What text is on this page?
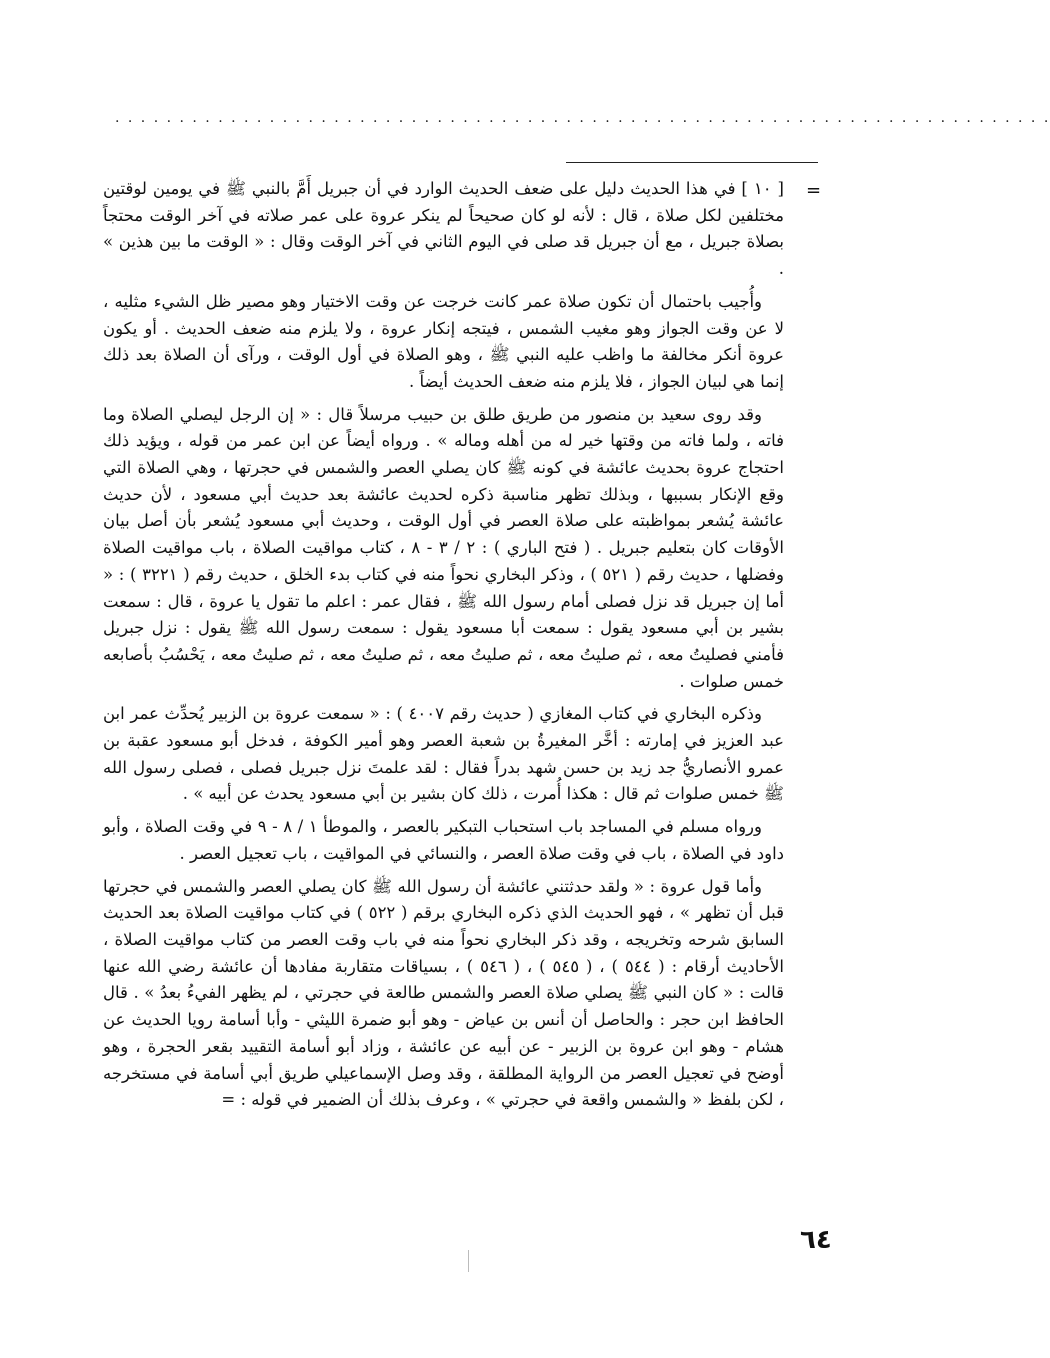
. . . . . . . . . . . . . . . . . . . . . . . . . . . . . . . . . . . . . . . . . . . . . . . . . . . . . . . . . . . . . . . . . . . . . . . . .
=

[ ١٠ ] في هذا الحديث دليل على ضعف الحديث الوارد في أن جبريل أَمَّ بالنبي ﷺ في يومين لوقتين مختلفين لكل صلاة ، قال : لأنه لو كان صحيحاً لم ينكر عروة على عمر صلاته في آخر الوقت محتجاً بصلاة جبريل ، مع أن جبريل قد صلى في اليوم الثاني في آخر الوقت وقال : « الوقت ما بين هذين » .

وأُجيب باحتمال أن تكون صلاة عمر كانت خرجت عن وقت الاختيار وهو مصير ظل الشيء مثليه ، لا عن وقت الجواز وهو مغيب الشمس ، فيتجه إنكار عروة ، ولا يلزم منه ضعف الحديث . أو يكون عروة أنكر مخالفة ما واظب عليه النبي ﷺ ، وهو الصلاة في أول الوقت ، ورآى أن الصلاة بعد ذلك إنما هي لبيان الجواز ، فلا يلزم منه ضعف الحديث أيضاً .

وقد روى سعيد بن منصور من طريق طلق بن حبيب مرسلاً قال : « إن الرجل ليصلي الصلاة وما فاته ، ولما فاته من وقتها خير له من أهله وماله » . ورواه أيضاً عن ابن عمر من قوله ، ويؤيد ذلك احتجاج عروة بحديث عائشة في كونه ﷺ كان يصلي العصر والشمس في حجرتها ، وهي الصلاة التي وقع الإنكار بسببها ، وبذلك تظهر مناسبة ذكره لحديث عائشة بعد حديث أبي مسعود ، لأن حديث عائشة يُشعر بمواظبته على صلاة العصر في أول الوقت ، وحديث أبي مسعود يُشعر بأن أصل بيان الأوقات كان بتعليم جبريل . ( فتح الباري ) : ٢ / ٣ - ٨ ، كتاب مواقيت الصلاة ، باب مواقيت الصلاة وفضلها ، حديث رقم ( ٥٢١ ) ، وذكر البخاري نحواً منه في كتاب بدء الخلق ، حديث رقم ( ٣٢٢١ ) : « أما إن جبريل قد نزل فصلى أمام رسول الله ﷺ ، فقال عمر : اعلم ما تقول يا عروة ، قال : سمعت بشير بن أبي مسعود يقول : سمعت أبا مسعود يقول : سمعت رسول الله ﷺ يقول : نزل جبريل فأمني فصليتُ معه ، ثم صليتُ معه ، ثم صليتُ معه ، ثم صليتُ معه ، ثم صليتُ معه ، يَحْسُبُ بأصابعه خمس صلوات .

وذكره البخاري في كتاب المغازي ( حديث رقم ٤٠٠٧ ) : « سمعت عروة بن الزبير يُحدِّث عمر ابن عبد العزيز في إمارته : أخَّر المغيرةُ بن شعبة العصر وهو أمير الكوفة ، فدخل أبو مسعود عقبة بن عمرو الأنصاريُّ جد زيد بن حسن شهد بدراً فقال : لقد علمتَ نزل جبريل فصلى ، فصلى رسول الله ﷺ خمس صلوات ثم قال : هكذا أُمرت ، ذلك كان بشير بن أبي مسعود يحدث عن أبيه » .

ورواه مسلم في المساجد باب استحباب التبكير بالعصر ، والموطأ ١ / ٨ - ٩ في وقت الصلاة ، وأبو داود في الصلاة ، باب في وقت صلاة العصر ، والنسائي في المواقيت ، باب تعجيل العصر .

وأما قول عروة : « ولقد حدثتني عائشة أن رسول الله ﷺ كان يصلي العصر والشمس في حجرتها قبل أن تظهر » ، فهو الحديث الذي ذكره البخاري برقم ( ٥٢٢ ) في كتاب مواقيت الصلاة بعد الحديث السابق شرحه وتخريجه ، وقد ذكر البخاري نحواً منه في باب وقت العصر من كتاب مواقيت الصلاة ، الأحاديث أرقام : ( ٥٤٤ ) ، ( ٥٤٥ ) ، ( ٥٤٦ ) ، بسياقات متقاربة مفادها أن عائشة رضي الله عنها قالت : « كان النبي ﷺ يصلي صلاة العصر والشمس طالعة في حجرتي ، لم يظهر الفيءُ بعدُ » . قال الحافظ ابن حجر : والحاصل أن أنس بن عياض - وهو أبو ضمرة الليثي - وأبا أسامة رويا الحديث عن هشام - وهو ابن عروة بن الزبير - عن أبيه عن عائشة ، وزاد أبو أسامة التقييد بقعر الحجرة ، وهو أوضح في تعجيل العصر من الرواية المطلقة ، وقد وصل الإسماعيلي طريق أبي أسامة في مستخرجه ، لكن بلفظ « والشمس واقعة في حجرتي » ، وعرف بذلك أن الضمير في قوله : =

٦٤
